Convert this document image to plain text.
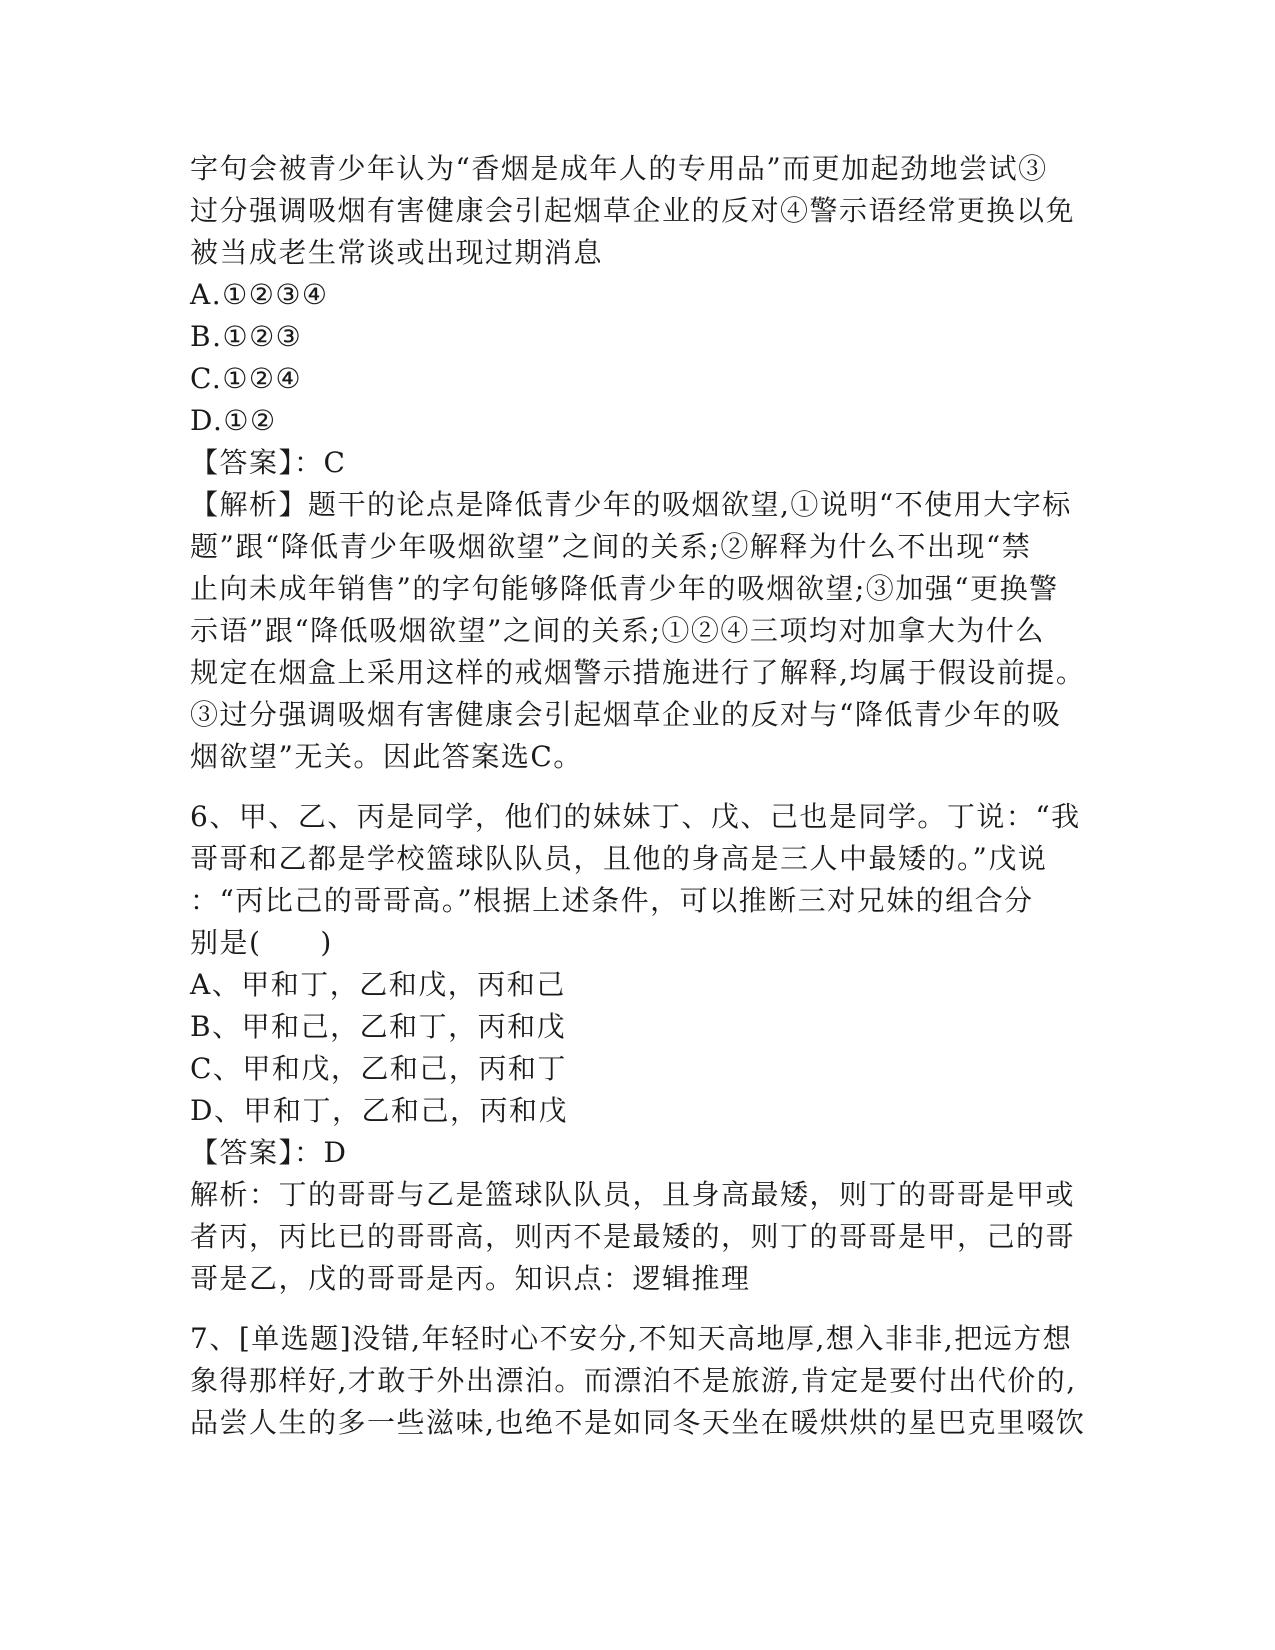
字句会被青少年认为“香烟是成年人的专用品”而更加起劲地尝试③
过分强调吸烟有害健康会引起烟草企业的反对④警示语经常更换以免
被当成老生常谈或出现过期消息
A.①②③④
B.①②③
C.①②④
D.①②
【答案】：C
【解析】题干的论点是降低青少年的吸烟欲望,①说明“不使用大字标
题”跟“降低青少年吸烟欲望”之间的关系;②解释为什么不出现“禁
止向未成年销售”的字句能够降低青少年的吸烟欲望;③加强“更换警
示语”跟“降低吸烟欲望”之间的关系;①②④三项均对加拿大为什么
规定在烟盒上采用这样的戒烟警示措施进行了解释,均属于假设前提。
③过分强调吸烟有害健康会引起烟草企业的反对与“降低青少年的吸
烟欲望”无关。因此答案选C。
6、甲、乙、丙是同学，他们的妹妹丁、戊、己也是同学。丁说：“我
哥哥和乙都是学校篮球队队员，且他的身高是三人中最矮的。”戊说
：“丙比己的哥哥高。”根据上述条件，可以推断三对兄妹的组合分
别是(　　)
A、甲和丁，乙和戊，丙和己
B、甲和己，乙和丁，丙和戊
C、甲和戊，乙和己，丙和丁
D、甲和丁，乙和己，丙和戊
【答案】：D
解析：丁的哥哥与乙是篮球队队员，且身高最矮，则丁的哥哥是甲或
者丙，丙比已的哥哥高，则丙不是最矮的，则丁的哥哥是甲，己的哥
哥是乙，戊的哥哥是丙。知识点：逻辑推理
7、[单选题]没错,年轻时心不安分,不知天高地厚,想入非非,把远方想
象得那样好,才敢于外出漂泊。而漂泊不是旅游,肯定是要付出代价的,
品尝人生的多一些滋味,也绝不是如同冬天坐在暖烘烘的星巴克里啜饮
